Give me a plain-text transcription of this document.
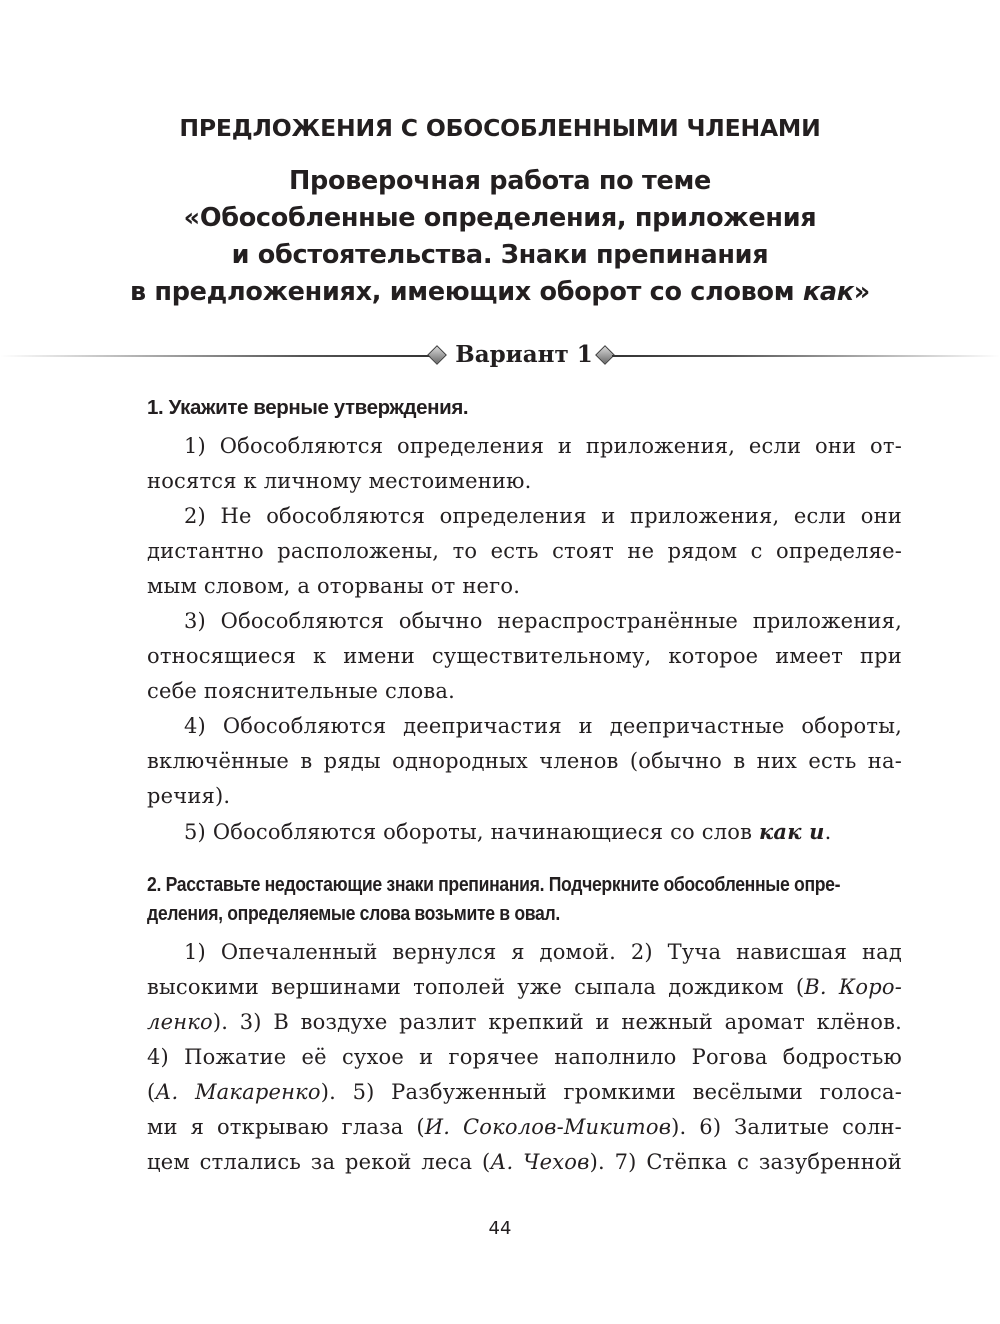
ПРЕДЛОЖЕНИЯ С ОБОСОБЛЕННЫМИ ЧЛЕНАМИ
Проверочная работа по теме
«Обособленные определения, приложения
и обстоятельства. Знаки препинания
в предложениях, имеющих оборот со словом как»
Вариант 1
1. Укажите верные утверждения.
1) Обособляются определения и приложения, если они от-
носятся к личному местоимению.
2) Не обособляются определения и приложения, если они
дистантно расположены, то есть стоят не рядом с определяе-
мым словом, а оторваны от него.
3) Обособляются обычно нераспространённые приложения,
относящиеся к имени существительному, которое имеет при
себе пояснительные слова.
4) Обособляются деепричастия и деепричастные обороты,
включённые в ряды однородных членов (обычно в них есть на-
речия).
5) Обособляются обороты, начинающиеся со слов как и.
2. Расставьте недостающие знаки препинания. Подчеркните обособленные опре-
деления, определяемые слова возьмите в овал.
1) Опечаленный вернулся я домой. 2) Туча нависшая над
высокими вершинами тополей уже сыпала дождиком (В. Коро-
ленко). 3) В воздухе разлит крепкий и нежный аромат клёнов.
4) Пожатие её сухое и горячее наполнило Рогова бодростью
(А. Макаренко). 5) Разбуженный громкими весёлыми голоса-
ми я открываю глаза (И. Соколов-Микитов). 6) Залитые солн-
цем стлались за рекой леса (А. Чехов). 7) Стёпка с зазубренной
44
